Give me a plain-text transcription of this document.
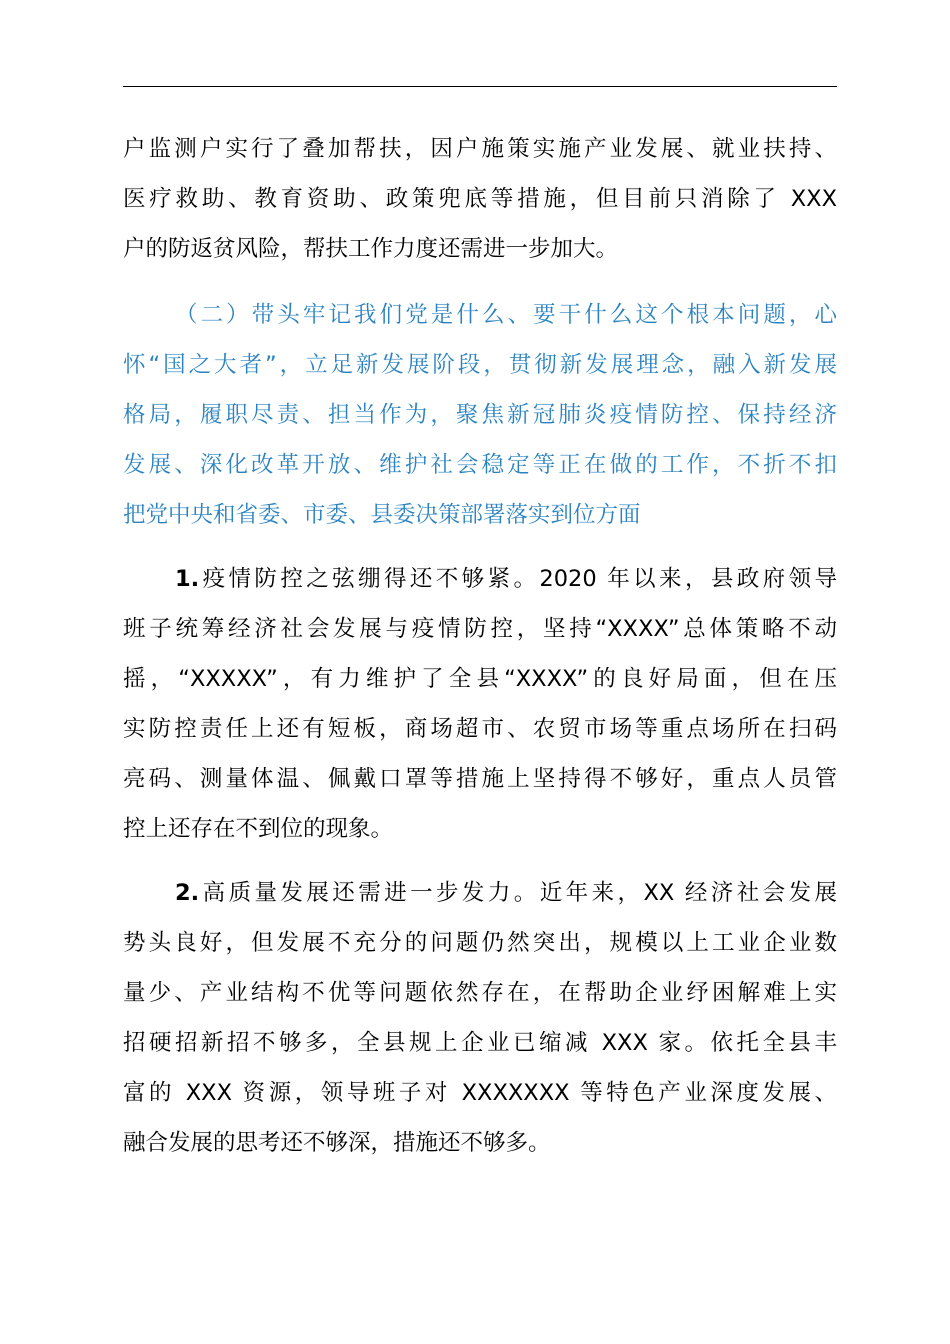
户监测户实行了叠加帮扶，因户施策实施产业发展、就业扶持、
医疗救助、教育资助、政策兜底等措施，但目前只消除了 XXX
户的防返贫风险，帮扶工作力度还需进一步加大。
（二）带头牢记我们党是什么、要干什么这个根本问题，心
怀“国之大者”，立足新发展阶段，贯彻新发展理念，融入新发展
格局，履职尽责、担当作为，聚焦新冠肺炎疫情防控、保持经济
发展、深化改革开放、维护社会稳定等正在做的工作，不折不扣
把党中央和省委、市委、县委决策部署落实到位方面
1.疫情防控之弦绷得还不够紧。2020 年以来，县政府领导
班子统筹经济社会发展与疫情防控，坚持“XXXX”总体策略不动
摇，“XXXXX”，有力维护了全县“XXXX”的良好局面，但在压
实防控责任上还有短板，商场超市、农贸市场等重点场所在扫码
亮码、测量体温、佩戴口罩等措施上坚持得不够好，重点人员管
控上还存在不到位的现象。
2.高质量发展还需进一步发力。近年来，XX 经济社会发展
势头良好，但发展不充分的问题仍然突出，规模以上工业企业数
量少、产业结构不优等问题依然存在，在帮助企业纾困解难上实
招硬招新招不够多，全县规上企业已缩减 XXX 家。依托全县丰
富的 XXX 资源，领导班子对 XXXXXXX 等特色产业深度发展、
融合发展的思考还不够深，措施还不够多。
